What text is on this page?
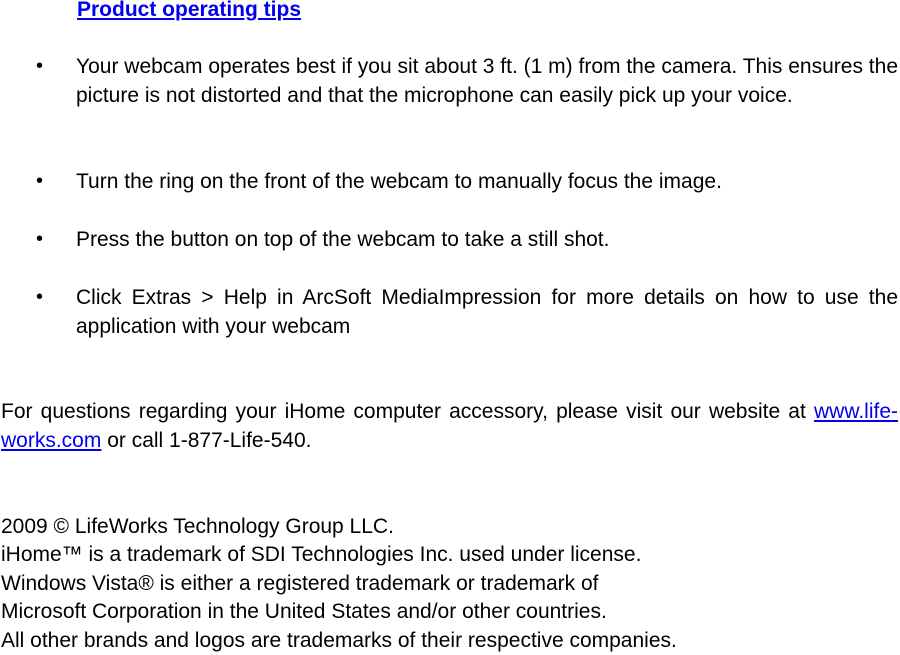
Product operating tips
• Your webcam operates best if you sit about 3 ft. (1 m) from the camera. This ensures the picture is not distorted and that the microphone can easily pick up your voice.

• Turn the ring on the front of the webcam to manually focus the image.

• Press the button on top of the webcam to take a still shot.

• Click Extras > Help in ArcSoft MediaImpression for more details on how to use the application with your webcam

For questions regarding your iHome computer accessory, please visit our website at www.life-works.com or call 1-877-Life-540.

2009 © LifeWorks Technology Group LLC.

iHome™ is a trademark of SDI Technologies Inc. used under license.

Windows Vista® is either a registered trademark or trademark of

Microsoft Corporation in the United States and/or other countries.

All other brands and logos are trademarks of their respective companies.
